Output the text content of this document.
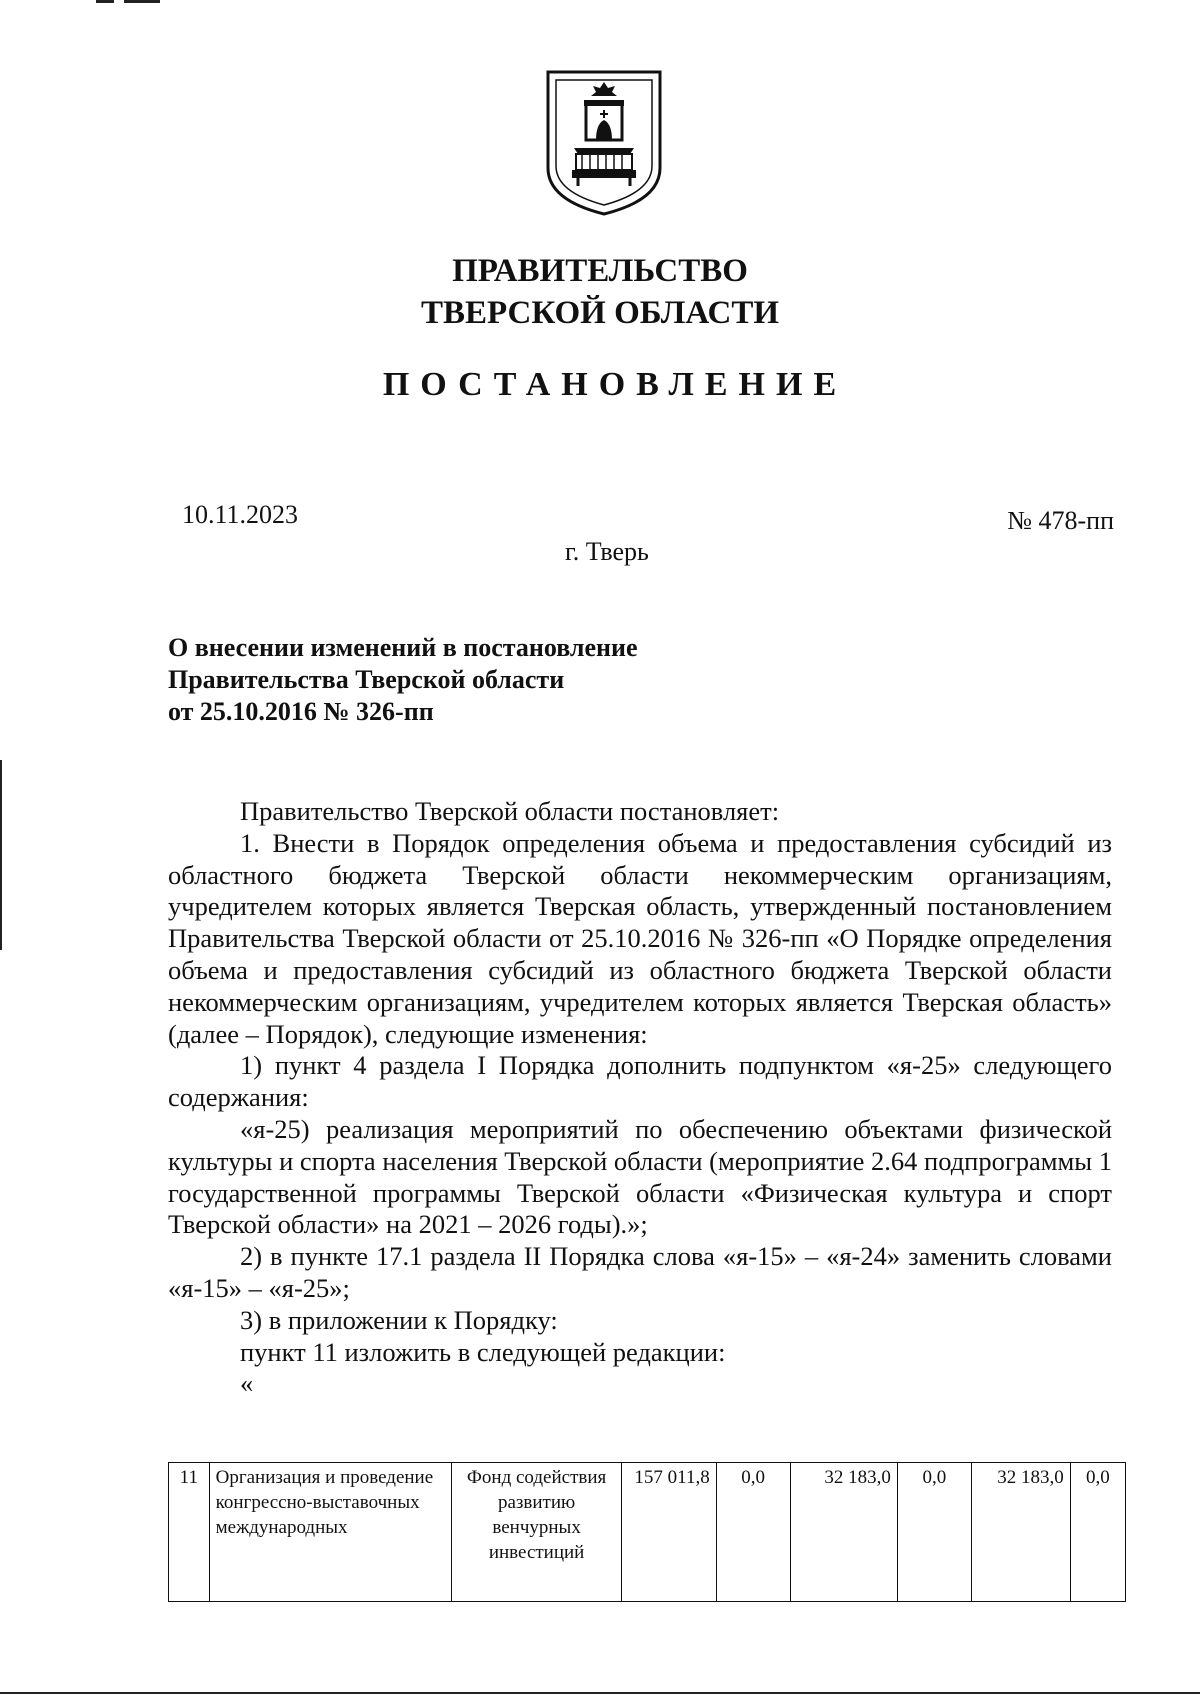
ПРАВИТЕЛЬСТВО
ТВЕРСКОЙ ОБЛАСТИ
ПОСТАНОВЛЕНИЕ
10.11.2023	№ 478-пп
г. Тверь
О внесении изменений в постановление
Правительства Тверской области
от 25.10.2016 № 326-пп

Правительство Тверской области постановляет:

1. Внести в Порядок определения объема и предоставления субсидий из областного бюджета Тверской области некоммерческим организациям, учредителем которых является Тверская область, утвержденный постановлением Правительства Тверской области от 25.10.2016 № 326-пп «О Порядке определения объема и предоставления субсидий из областного бюджета Тверской области некоммерческим организациям, учредителем которых является Тверская область» (далее – Порядок), следующие изменения:

1) пункт 4 раздела I Порядка дополнить подпунктом «я-25» следующего содержания:

«я-25) реализация мероприятий по обеспечению объектами физической культуры и спорта населения Тверской области (мероприятие 2.64 подпрограммы 1 государственной программы Тверской области «Физическая культура и спорт Тверской области» на 2021 – 2026 годы).»;

2) в пункте 17.1 раздела II Порядка слова «я-15» – «я-24» заменить словами «я-15» – «я-25»;

3) в приложении к Порядку:

пункт 11 изложить в следующей редакции:

«

11	Организация и проведение конгрессно-выставочных международных	Фонд содействия развитию венчурных инвестиций	157 011,8	0,0	32 183,0	0,0	32 183,0	0,0
